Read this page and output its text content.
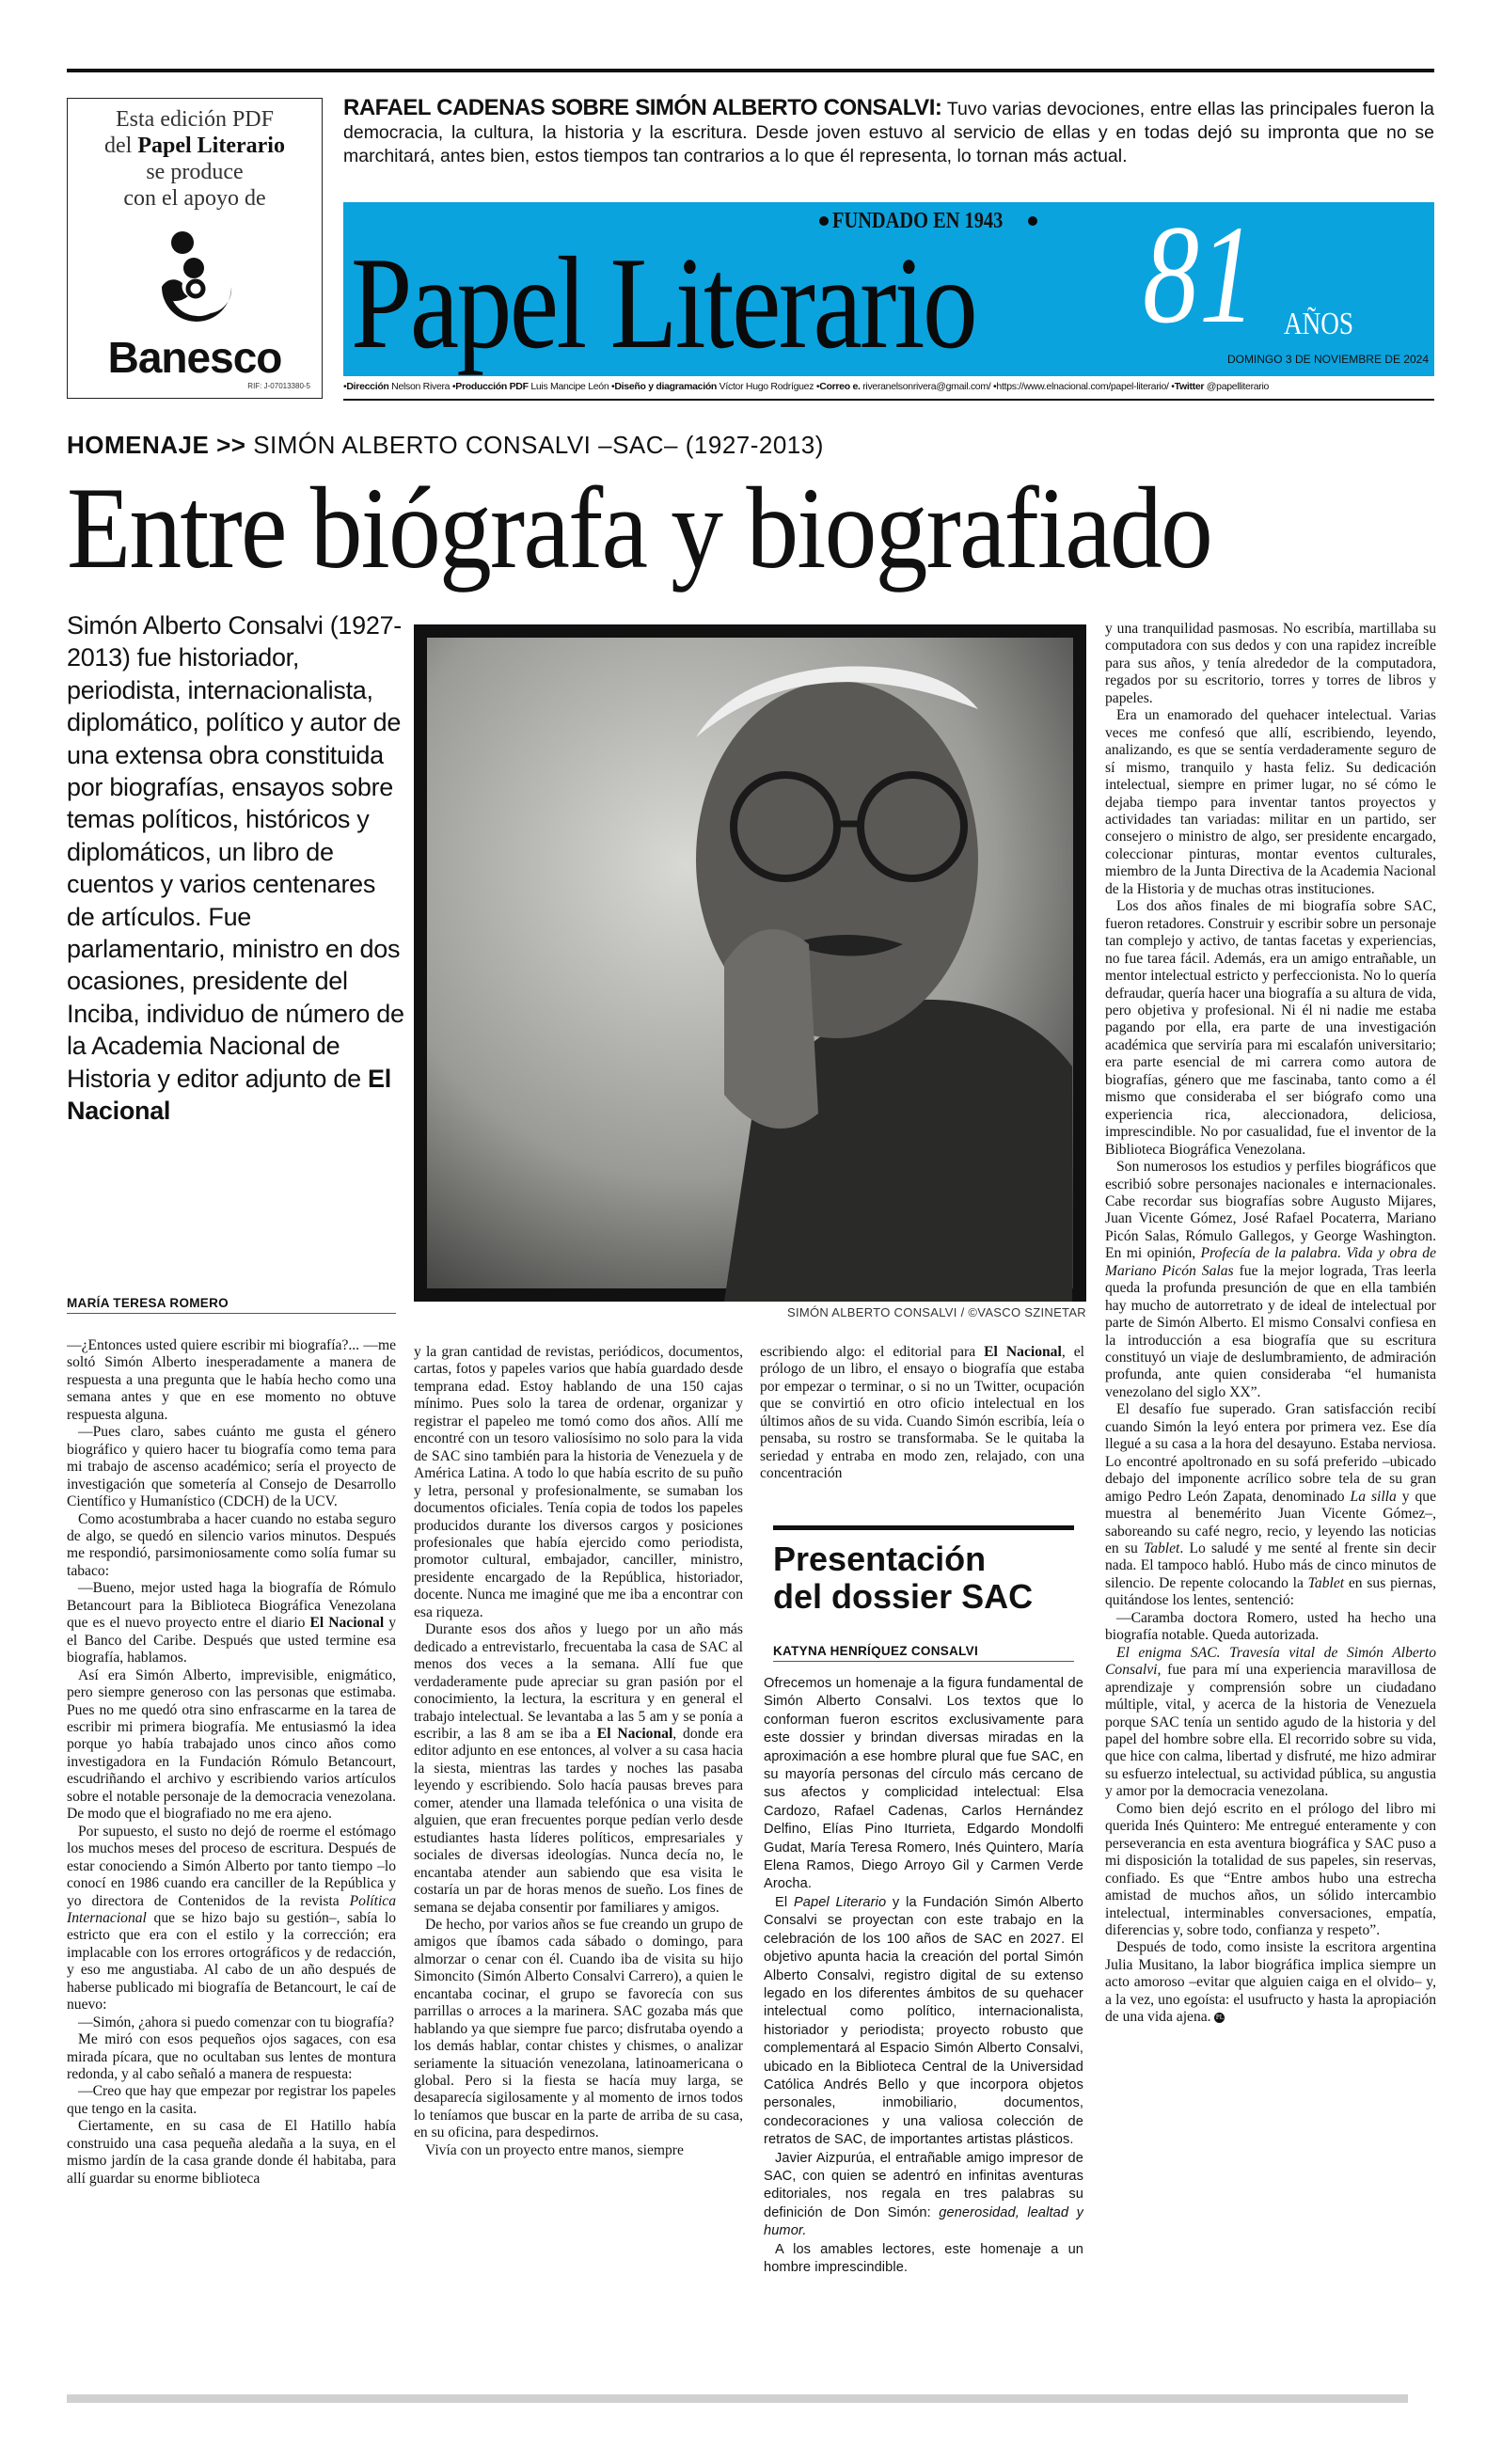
Esta edición PDF
del Papel Literario
se produce
con el apoyo de
Banesco
RIF: J-07013380-5
RAFAEL CADENAS SOBRE SIMÓN ALBERTO CONSALVI: Tuvo varias devociones, entre ellas las principales fueron la democracia, la cultura, la historia y la escritura. Desde joven estuvo al servicio de ellas y en todas dejó su impronta que no se marchitará, antes bien, estos tiempos tan contrarios a lo que él representa, lo tornan más actual.
FUNDADO EN 1943
Papel Literario 81 AÑOS
DOMINGO 3 DE NOVIEMBRE DE 2024
•Dirección Nelson Rivera •Producción PDF Luis Mancipe León •Diseño y diagramación Víctor Hugo Rodríguez •Correo e. riveranelsonrivera@gmail.com/ •https://www.elnacional.com/papel-literario/ •Twitter @papelliterario
HOMENAJE >> SIMÓN ALBERTO CONSALVI –SAC– (1927-2013)
Entre biógrafa y biografiado
Simón Alberto Consalvi (1927-2013) fue historiador, periodista, internacionalista, diplomático, político y autor de una extensa obra constituida por biografías, ensayos sobre temas políticos, históricos y diplomáticos, un libro de cuentos y varios centenares de artículos. Fue parlamentario, ministro en dos ocasiones, presidente del Inciba, individuo de número de la Academia Nacional de Historia y editor adjunto de El Nacional
SIMÓN ALBERTO CONSALVI / ©VASCO SZINETAR
MARÍA TERESA ROMERO

—¿Entonces usted quiere escribir mi biografía?... —me soltó Simón Alberto inesperadamente a manera de respuesta a una pregunta que le había hecho como una semana antes y que en ese momento no obtuve respuesta alguna.

—Pues claro, sabes cuánto me gusta el género biográfico y quiero hacer tu biografía como tema para mi trabajo de ascenso académico; sería el proyecto de investigación que sometería al Consejo de Desarrollo Científico y Humanístico (CDCH) de la UCV.

Como acostumbraba a hacer cuando no estaba seguro de algo, se quedó en silencio varios minutos. Después me respondió, parsimoniosamente como solía fumar su tabaco:

—Bueno, mejor usted haga la biografía de Rómulo Betancourt para la Biblioteca Biográfica Venezolana que es el nuevo proyecto entre el diario El Nacional y el Banco del Caribe. Después que usted termine esa biografía, hablamos.

Así era Simón Alberto, imprevisible, enigmático, pero siempre generoso con las personas que estimaba. Pues no me quedó otra sino enfrascarme en la tarea de escribir mi primera biografía. Me entusiasmó la idea porque yo había trabajado unos cinco años como investigadora en la Fundación Rómulo Betancourt, escudriñando el archivo y escribiendo varios artículos sobre el notable personaje de la democracia venezolana. De modo que el biografiado no me era ajeno.

Por supuesto, el susto no dejó de roerme el estómago los muchos meses del proceso de escritura. Después de estar conociendo a Simón Alberto por tanto tiempo –lo conocí en 1986 cuando era canciller de la República y yo directora de Contenidos de la revista Política Internacional que se hizo bajo su gestión–, sabía lo estricto que era con el estilo y la corrección; era implacable con los errores ortográficos y de redacción, y eso me angustiaba. Al cabo de un año después de haberse publicado mi biografía de Betancourt, le caí de nuevo:

—Simón, ¿ahora si puedo comenzar con tu biografía?

Me miró con esos pequeños ojos sagaces, con esa mirada pícara, que no ocultaban sus lentes de montura redonda, y al cabo señaló a manera de respuesta:

—Creo que hay que empezar por registrar los papeles que tengo en la casita.

Ciertamente, en su casa de El Hatillo había construido una casa pequeña aledaña a la suya, en el mismo jardín de la casa grande donde él habitaba, para allí guardar su enorme biblioteca

y la gran cantidad de revistas, periódicos, documentos, cartas, fotos y papeles varios que había guardado desde temprana edad. Estoy hablando de una 150 cajas mínimo. Pues solo la tarea de ordenar, organizar y registrar el papeleo me tomó como dos años. Allí me encontré con un tesoro valiosísimo no solo para la vida de SAC sino también para la historia de Venezuela y de América Latina. A todo lo que había escrito de su puño y letra, personal y profesionalmente, se sumaban los documentos oficiales. Tenía copia de todos los papeles producidos durante los diversos cargos y posiciones profesionales que había ejercido como periodista, promotor cultural, embajador, canciller, ministro, presidente encargado de la República, historiador, docente. Nunca me imaginé que me iba a encontrar con esa riqueza.

Durante esos dos años y luego por un año más dedicado a entrevistarlo, frecuentaba la casa de SAC al menos dos veces a la semana. Allí fue que verdaderamente pude apreciar su gran pasión por el conocimiento, la lectura, la escritura y en general el trabajo intelectual. Se levantaba a las 5 am y se ponía a escribir, a las 8 am se iba a El Nacional, donde era editor adjunto en ese entonces, al volver a su casa hacia la siesta, mientras las tardes y noches las pasaba leyendo y escribiendo. Solo hacía pausas breves para comer, atender una llamada telefónica o una visita de alguien, que eran frecuentes porque pedían verlo desde estudiantes hasta líderes políticos, empresariales y sociales de diversas ideologías. Nunca decía no, le encantaba atender aun sabiendo que esa visita le costaría un par de horas menos de sueño. Los fines de semana se dejaba consentir por familiares y amigos.

De hecho, por varios años se fue creando un grupo de amigos que íbamos cada sábado o domingo, para almorzar o cenar con él. Cuando iba de visita su hijo Simoncito (Simón Alberto Consalvi Carrero), a quien le encantaba cocinar, el grupo se favorecía con sus parrillas o arroces a la marinera. SAC gozaba más que hablando ya que siempre fue parco; disfrutaba oyendo a los demás hablar, contar chistes y chismes, o analizar seriamente la situación venezolana, latinoamericana o global. Pero si la fiesta se hacía muy larga, se desaparecía sigilosamente y al momento de irnos todos lo teníamos que buscar en la parte de arriba de su casa, en su oficina, para despedirnos.

Vivía con un proyecto entre manos, siempre

escribiendo algo: el editorial para El Nacional, el prólogo de un libro, el ensayo o biografía que estaba por empezar o terminar, o si no un Twitter, ocupación que se convirtió en otro oficio intelectual en los últimos años de su vida. Cuando Simón escribía, leía o pensaba, su rostro se transformaba. Se le quitaba la seriedad y entraba en modo zen, relajado, con una concentración

y una tranquilidad pasmosas. No escribía, martillaba su computadora con sus dedos y con una rapidez increíble para sus años, y tenía alrededor de la computadora, regados por su escritorio, torres y torres de libros y papeles.

Era un enamorado del quehacer intelectual. Varias veces me confesó que allí, escribiendo, leyendo, analizando, es que se sentía verdaderamente seguro de sí mismo, tranquilo y hasta feliz. Su dedicación intelectual, siempre en primer lugar, no sé cómo le dejaba tiempo para inventar tantos proyectos y actividades tan variadas: militar en un partido, ser consejero o ministro de algo, ser presidente encargado, coleccionar pinturas, montar eventos culturales, miembro de la Junta Directiva de la Academia Nacional de la Historia y de muchas otras instituciones.

Los dos años finales de mi biografía sobre SAC, fueron retadores. Construir y escribir sobre un personaje tan complejo y activo, de tantas facetas y experiencias, no fue tarea fácil. Además, era un amigo entrañable, un mentor intelectual estricto y perfeccionista. No lo quería defraudar, quería hacer una biografía a su altura de vida, pero objetiva y profesional. Ni él ni nadie me estaba pagando por ella, era parte de una investigación académica que serviría para mi escalafón universitario; era parte esencial de mi carrera como autora de biografías, género que me fascinaba, tanto como a él mismo que consideraba el ser biógrafo como una experiencia rica, aleccionadora, deliciosa, imprescindible. No por casualidad, fue el inventor de la Biblioteca Biográfica Venezolana.

Son numerosos los estudios y perfiles biográficos que escribió sobre personajes nacionales e internacionales. Cabe recordar sus biografías sobre Augusto Mijares, Juan Vicente Gómez, José Rafael Pocaterra, Mariano Picón Salas, Rómulo Gallegos, y George Washington. En mi opinión, Profecía de la palabra. Vida y obra de Mariano Picón Salas fue la mejor lograda, Tras leerla queda la profunda presunción de que en ella también hay mucho de autorretrato y de ideal de intelectual por parte de Simón Alberto. El mismo Consalvi confiesa en la introducción a esa biografía que su escritura constituyó un viaje de deslumbramiento, de admiración profunda, ante quien consideraba “el humanista venezolano del siglo XX”.

El desafío fue superado. Gran satisfacción recibí cuando Simón la leyó entera por primera vez. Ese día llegué a su casa a la hora del desayuno. Estaba nerviosa. Lo encontré apoltronado en su sofá preferido –ubicado debajo del imponente acrílico sobre tela de su gran amigo Pedro León Zapata, denominado La silla y que muestra al benemérito Juan Vicente Gómez–, saboreando su café negro, recio, y leyendo las noticias en su Tablet. Lo saludé y me senté al frente sin decir nada. El tampoco habló. Hubo más de cinco minutos de silencio. De repente colocando la Tablet en sus piernas, quitándose los lentes, sentenció:

—Caramba doctora Romero, usted ha hecho una biografía notable. Queda autorizada.

El enigma SAC. Travesía vital de Simón Alberto Consalvi, fue para mí una experiencia maravillosa de aprendizaje y comprensión sobre un ciudadano múltiple, vital, y acerca de la historia de Venezuela porque SAC tenía un sentido agudo de la historia y del papel del hombre sobre ella. El recorrido sobre su vida, que hice con calma, libertad y disfruté, me hizo admirar su esfuerzo intelectual, su actividad pública, su angustia y amor por la democracia venezolana.

Como bien dejó escrito en el prólogo del libro mi querida Inés Quintero: Me entregué enteramente y con perseverancia en esta aventura biográfica y SAC puso a mi disposición la totalidad de sus papeles, sin reservas, confiado. Es que “Entre ambos hubo una estrecha amistad de muchos años, un sólido intercambio intelectual, interminables conversaciones, empatía, diferencias y, sobre todo, confianza y respeto”.

Después de todo, como insiste la escritora argentina Julia Musitano, la labor biográfica implica siempre un acto amoroso –evitar que alguien caiga en el olvido– y, a la vez, uno egoísta: el usufructo y hasta la apropiación de una vida ajena. PL

Presentación
del dossier SAC
KATYNA HENRÍQUEZ CONSALVI

Ofrecemos un homenaje a la figura fundamental de Simón Alberto Consalvi. Los textos que lo conforman fueron escritos exclusivamente para este dossier y brindan diversas miradas en la aproximación a ese hombre plural que fue SAC, en su mayoría personas del círculo más cercano de sus afectos y complicidad intelectual: Elsa Cardozo, Rafael Cadenas, Carlos Hernández Delfino, Elías Pino Iturrieta, Edgardo Mondolfi Gudat, María Teresa Romero, Inés Quintero, María Elena Ramos, Diego Arroyo Gil y Carmen Verde Arocha.

El Papel Literario y la Fundación Simón Alberto Consalvi se proyectan con este trabajo en la celebración de los 100 años de SAC en 2027. El objetivo apunta hacia la creación del portal Simón Alberto Consalvi, registro digital de su extenso legado en los diferentes ámbitos de su quehacer intelectual como político, internacionalista, historiador y periodista; proyecto robusto que complementará al Espacio Simón Alberto Consalvi, ubicado en la Biblioteca Central de la Universidad Católica Andrés Bello y que incorpora objetos personales, inmobiliario, documentos, condecoraciones y una valiosa colección de retratos de SAC, de importantes artistas plásticos.

Javier Aizpurúa, el entrañable amigo impresor de SAC, con quien se adentró en infinitas aventuras editoriales, nos regala en tres palabras su definición de Don Simón: generosidad, lealtad y humor.

A los amables lectores, este homenaje a un hombre imprescindible.
